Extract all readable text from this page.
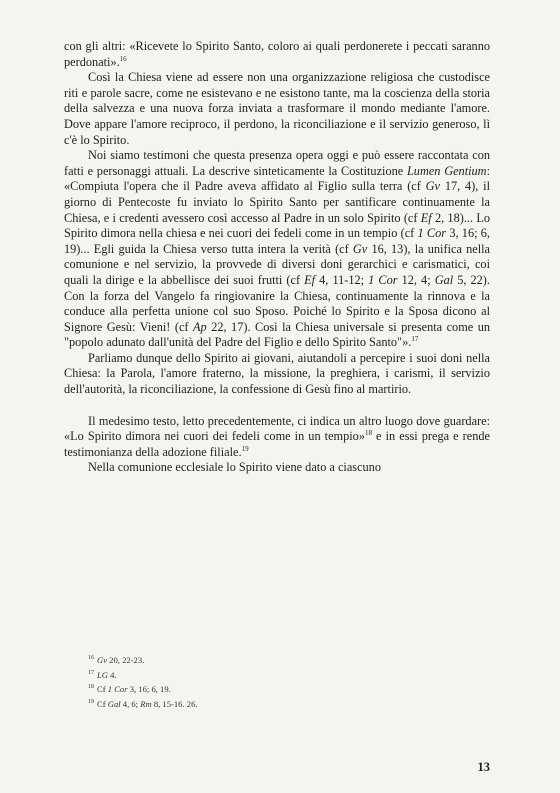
con gli altri: «Ricevete lo Spirito Santo, coloro ai quali perdonerete i peccati saranno perdonati».$^{16}$

Così la Chiesa viene ad essere non una organizzazione religiosa che custodisce riti e parole sacre, come ne esistevano e ne esistono tante, ma la coscienza della storia della salvezza e una nuova forza inviata a trasformare il mondo mediante l'amore. Dove appare l'amore reciproco, il perdono, la riconciliazione e il servizio generoso, lì c'è lo Spirito.

Noi siamo testimoni che questa presenza opera oggi e può essere raccontata con fatti e personaggi attuali. La descrive sinteticamente la Costituzione Lumen Gentium: «Compiuta l'opera che il Padre aveva affidato al Figlio sulla terra (cf Gv 17, 4), il giorno di Pentecoste fu inviato lo Spirito Santo per santificare continuamente la Chiesa, e i credenti avessero così accesso al Padre in un solo Spirito (cf Ef 2, 18)... Lo Spirito dimora nella chiesa e nei cuori dei fedeli come in un tempio (cf 1 Cor 3, 16; 6, 19)... Egli guida la Chiesa verso tutta intera la verità (cf Gv 16, 13), la unifica nella comunione e nel servizio, la provvede di diversi doni gerarchici e carismatici, coi quali la dirige e la abbellisce dei suoi frutti (cf Ef 4, 11-12; 1 Cor 12, 4; Gal 5, 22). Con la forza del Vangelo fa ringiovanire la Chiesa, continuamente la rinnova e la conduce alla perfetta unione col suo Sposo. Poiché lo Spirito e la Sposa dicono al Signore Gesù: Vieni! (cf Ap 22, 17). Così la Chiesa universale si presenta come un "popolo adunato dall'unità del Padre del Figlio e dello Spirito Santo"».$^{17}$

Parliamo dunque dello Spirito ai giovani, aiutandoli a percepire i suoi doni nella Chiesa: la Parola, l'amore fraterno, la missione, la preghiera, i carismi, il servizio dell'autorità, la riconciliazione, la confessione di Gesù fino al martirio.

Il medesimo testo, letto precedentemente, ci indica un altro luogo dove guardare: «Lo Spirito dimora nei cuori dei fedeli come in un tempio»$^{18}$ e in essi prega e rende testimonianza della adozione filiale.$^{19}$

Nella comunione ecclesiale lo Spirito viene dato a ciascuno

$^{16}$ Gv 20, 22-23.
$^{17}$ LG 4.
$^{18}$ Cf 1 Cor 3, 16; 6, 19.
$^{19}$ Cf Gal 4, 6; Rm 8, 15-16. 26.
13
